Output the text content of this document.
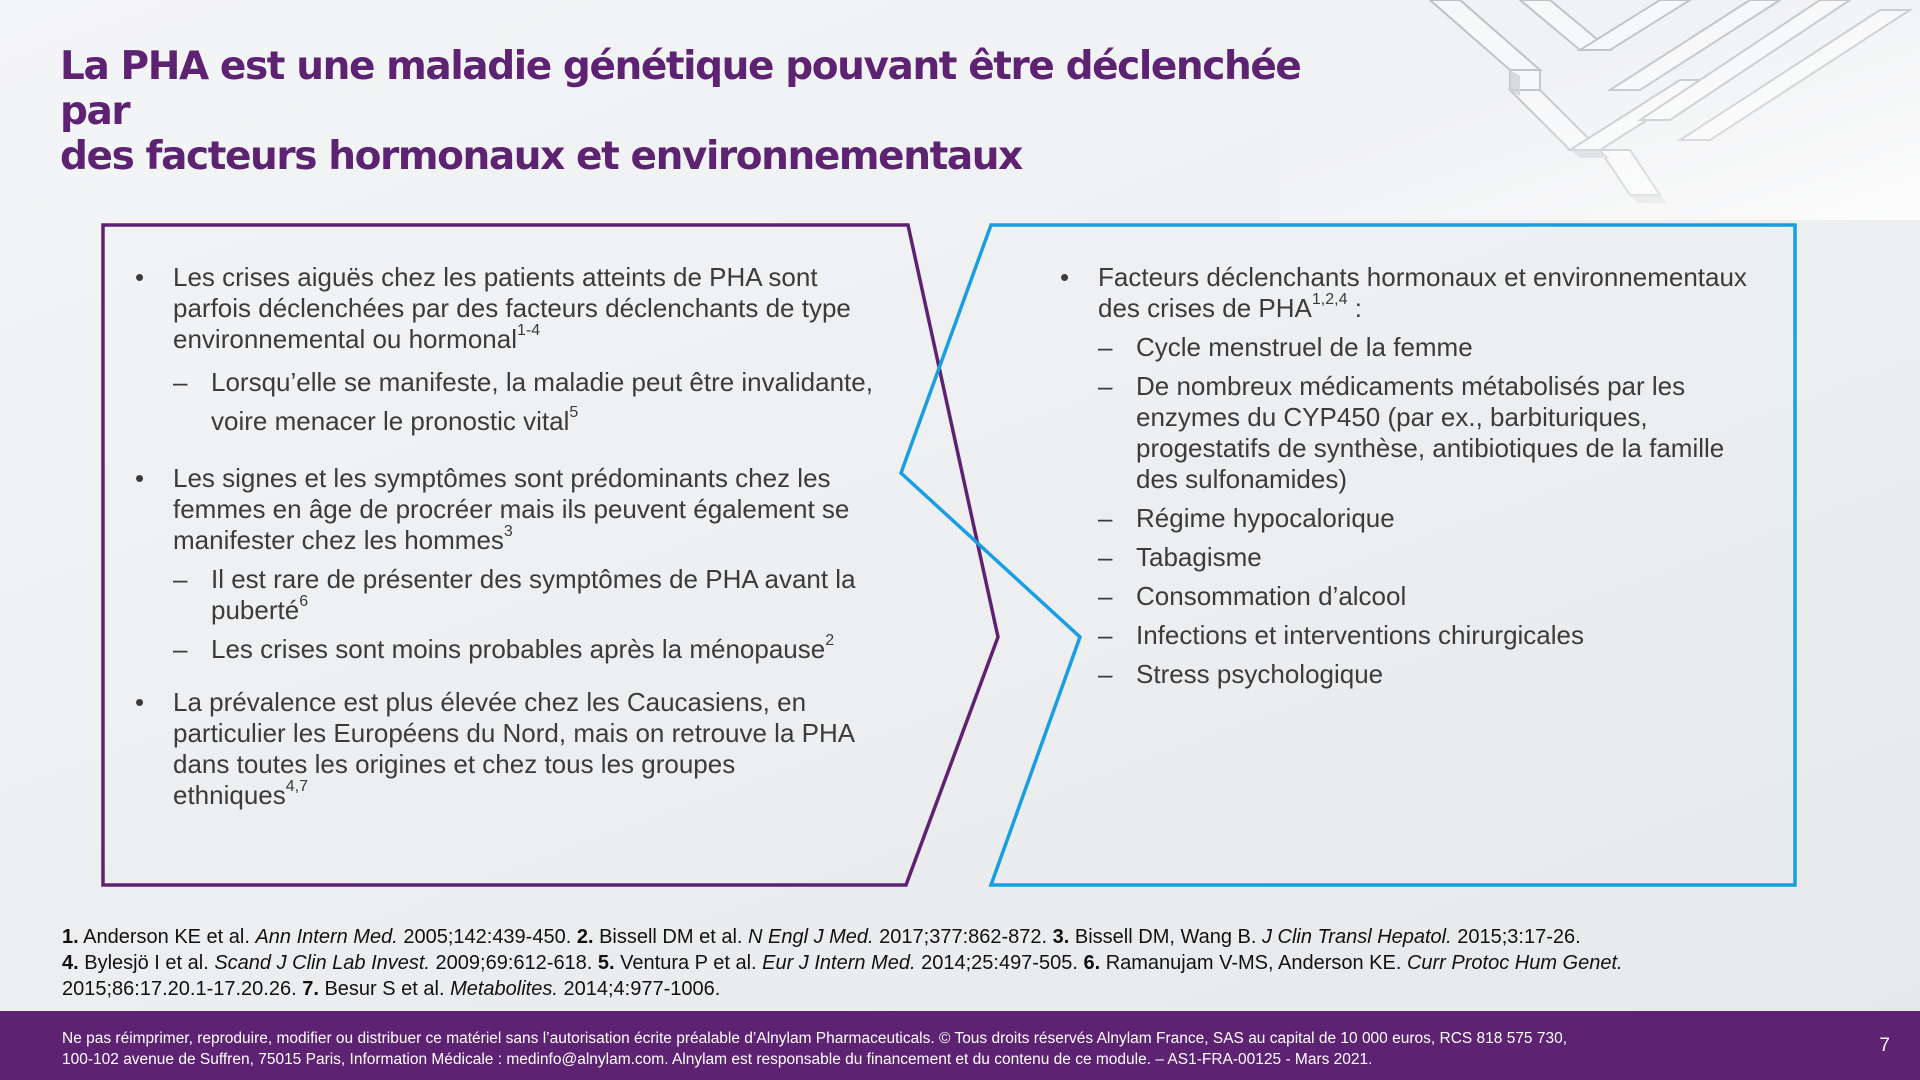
La PHA est une maladie génétique pouvant être déclenchée par
des facteurs hormonaux et environnementaux
• Les crises aiguës chez les patients atteints de PHA sont parfois déclenchées par des facteurs déclenchants de type environnemental ou hormonal$^{1-4}$
– Lorsqu’elle se manifeste, la maladie peut être invalidante, voire menacer le pronostic vital$^5$
• Les signes et les symptômes sont prédominants chez les femmes en âge de procréer mais ils peuvent également se manifester chez les hommes$^3$
– Il est rare de présenter des symptômes de PHA avant la puberté$^6$
– Les crises sont moins probables après la ménopause$^2$
• La prévalence est plus élevée chez les Caucasiens, en particulier les Européens du Nord, mais on retrouve la PHA dans toutes les origines et chez tous les groupes ethniques$^{4,7}$
• Facteurs déclenchants hormonaux et environnementaux des crises de PHA$^{1,2,4}$ :
– Cycle menstruel de la femme
– De nombreux médicaments métabolisés par les enzymes du CYP450 (par ex., barbituriques, progestatifs de synthèse, antibiotiques de la famille des sulfonamides)
– Régime hypocalorique
– Tabagisme
– Consommation d’alcool
– Infections et interventions chirurgicales
– Stress psychologique
1. Anderson KE et al. Ann Intern Med. 2005;142:439-450. 2. Bissell DM et al. N Engl J Med. 2017;377:862-872. 3. Bissell DM, Wang B. J Clin Transl Hepatol. 2015;3:17-26.
4. Bylesjö I et al. Scand J Clin Lab Invest. 2009;69:612-618. 5. Ventura P et al. Eur J Intern Med. 2014;25:497-505. 6. Ramanujam V-MS, Anderson KE. Curr Protoc Hum Genet.
2015;86:17.20.1-17.20.26. 7. Besur S et al. Metabolites. 2014;4:977-1006.
Ne pas réimprimer, reproduire, modifier ou distribuer ce matériel sans l’autorisation écrite préalable d’Alnylam Pharmaceuticals. © Tous droits réservés Alnylam France, SAS au capital de 10 000 euros, RCS 818 575 730,
100-102 avenue de Suffren, 75015 Paris, Information Médicale : medinfo@alnylam.com. Alnylam est responsable du financement et du contenu de ce module. – AS1-FRA-00125 - Mars 2021.
7
